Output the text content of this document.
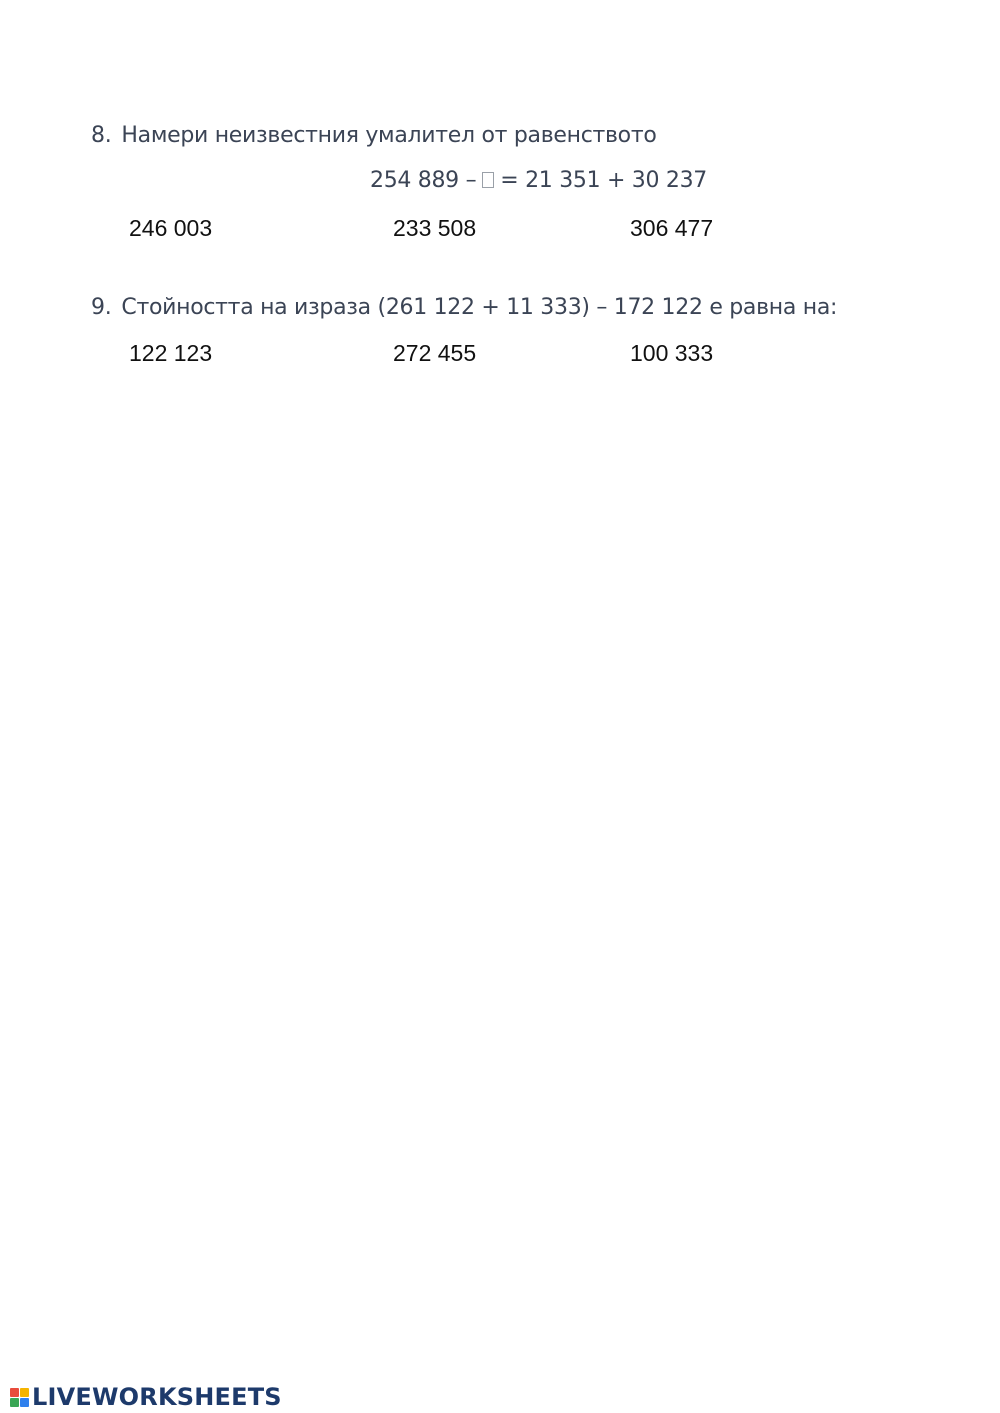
8. Намери неизвестния умалител от равенството
254 889 – = 21 351 + 30 237
246 003	233 508	306 477
9. Стойността на израза (261 122 + 11 333) – 172 122 е равна на:
122 123	272 455	100 333
LIVEWORKSHEETS
